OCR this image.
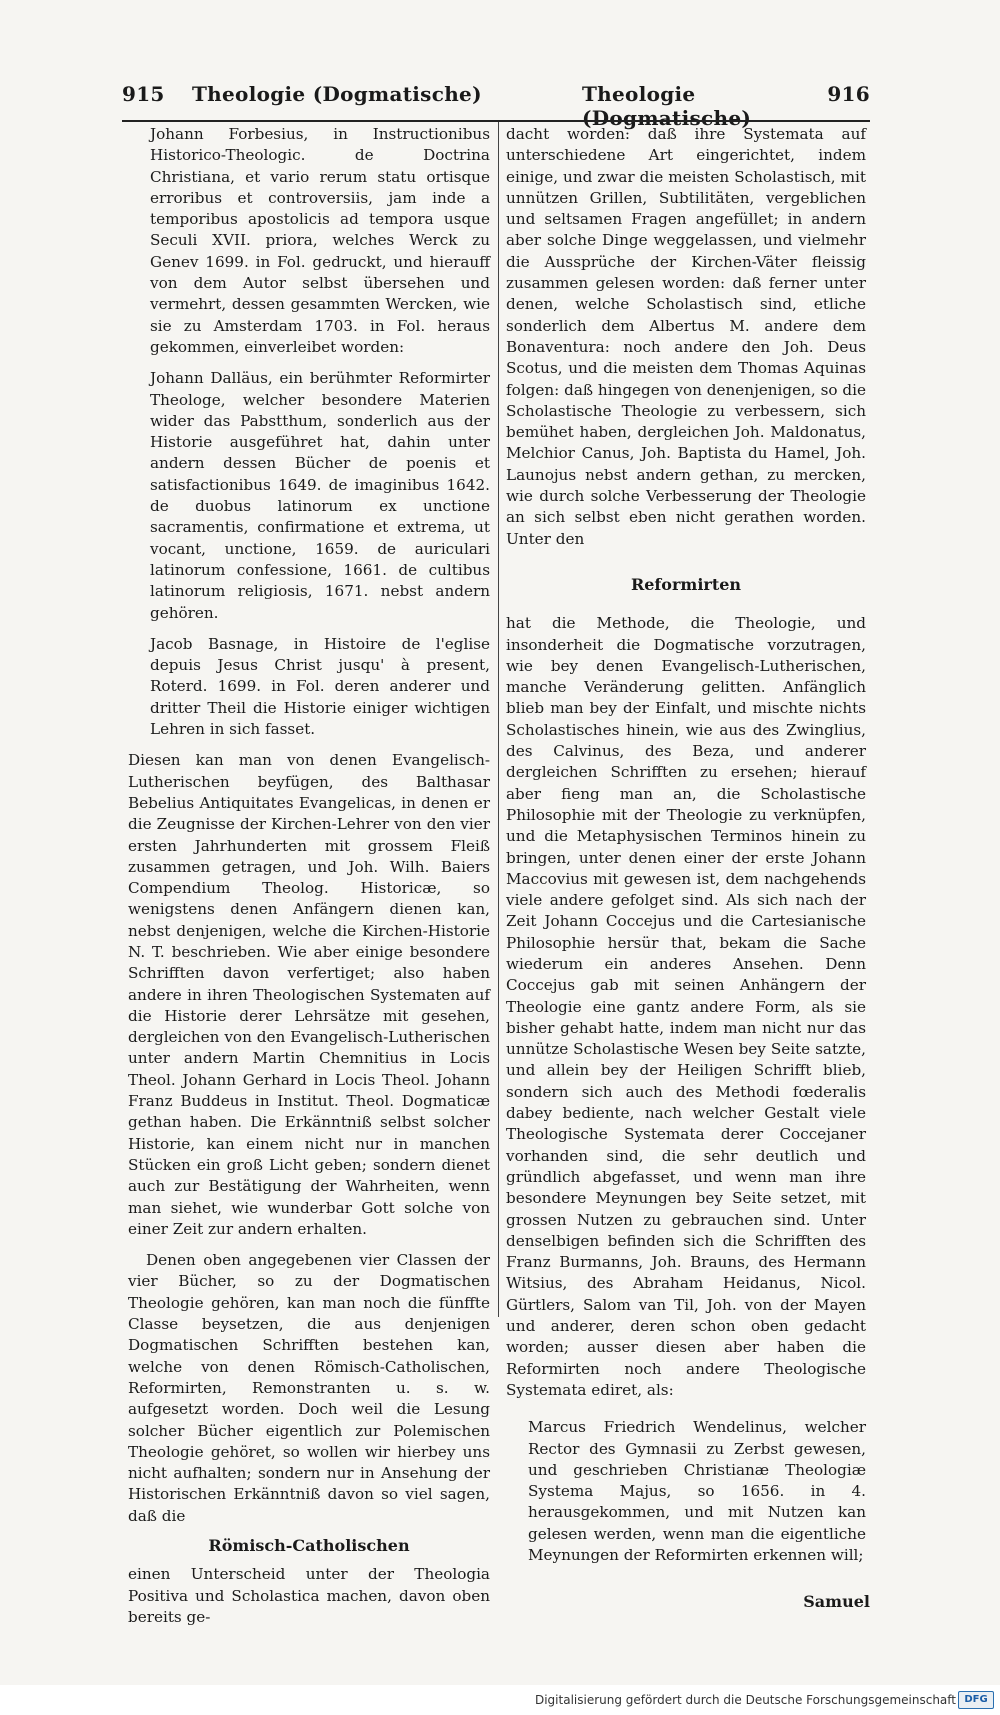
915 Theologie (Dogmatische)	Theologie (Dogmatische)
916

Johann Forbesius, in Instructionibus Historico-Theologic. de Doctrina Christiana, et vario rerum statu ortisque erroribus et controversiis, jam inde a temporibus apostolicis ad tempora usque Seculi XVII. priora, welches Werck zu Genev 1699. in Fol. gedruckt, und hierauff von dem Autor selbst übersehen und vermehrt, dessen gesammten Wercken, wie sie zu Amsterdam 1703. in Fol. heraus gekommen, einverleibet worden:

Johann Dalläus, ein berühmter Reformirter Theologe, welcher besondere Materien wider das Pabstthum, sonderlich aus der Historie ausgeführet hat, dahin unter andern dessen Bücher de poenis et satisfactionibus 1649. de imaginibus 1642. de duobus latinorum ex unctione sacramentis, confirmatione et extrema, ut vocant, unctione, 1659. de auriculari latinorum confessione, 1661. de cultibus latinorum religiosis, 1671. nebst andern gehören.

Jacob Basnage, in Histoire de l'eglise depuis Jesus Christ jusqu' à present, Roterd. 1699. in Fol. deren anderer und dritter Theil die Historie einiger wichtigen Lehren in sich fasset.

Diesen kan man von denen Evangelisch-Lutherischen beyfügen, des Balthasar Bebelius Antiquitates Evangelicas, in denen er die Zeugnisse der Kirchen-Lehrer von den vier ersten Jahrhunderten mit grossem Fleiß zusammen getragen, und Joh. Wilh. Baiers Compendium Theolog. Historicæ, so wenigstens denen Anfängern dienen kan, nebst denjenigen, welche die Kirchen-Historie N. T. beschrieben. Wie aber einige besondere Schrifften davon verfertiget; also haben andere in ihren Theologischen Systematen auf die Historie derer Lehrsätze mit gesehen, dergleichen von den Evangelisch-Lutherischen unter andern Martin Chemnitius in Locis Theol. Johann Gerhard in Locis Theol. Johann Franz Buddeus in Institut. Theol. Dogmaticæ gethan haben. Die Erkänntniß selbst solcher Historie, kan einem nicht nur in manchen Stücken ein groß Licht geben; sondern dienet auch zur Bestätigung der Wahrheiten, wenn man siehet, wie wunderbar Gott solche von einer Zeit zur andern erhalten.

Denen oben angegebenen vier Classen der vier Bücher, so zu der Dogmatischen Theologie gehören, kan man noch die fünffte Classe beysetzen, die aus denjenigen Dogmatischen Schrifften bestehen kan, welche von denen Römisch-Catholischen, Reformirten, Remonstranten u. s. w. aufgesetzt worden. Doch weil die Lesung solcher Bücher eigentlich zur Polemischen Theologie gehöret, so wollen wir hierbey uns nicht aufhalten; sondern nur in Ansehung der Historischen Erkänntniß davon so viel sagen, daß die

Römisch-Catholischen

einen Unterscheid unter der Theologia Positiva und Scholastica machen, davon oben bereits ge-

dacht worden: daß ihre Systemata auf unterschiedene Art eingerichtet, indem einige, und zwar die meisten Scholastisch, mit unnützen Grillen, Subtilitäten, vergeblichen und seltsamen Fragen angefüllet; in andern aber solche Dinge weggelassen, und vielmehr die Aussprüche der Kirchen-Väter fleissig zusammen gelesen worden: daß ferner unter denen, welche Scholastisch sind, etliche sonderlich dem Albertus M. andere dem Bonaventura: noch andere den Joh. Deus Scotus, und die meisten dem Thomas Aquinas folgen: daß hingegen von denenjenigen, so die Scholastische Theologie zu verbessern, sich bemühet haben, dergleichen Joh. Maldonatus, Melchior Canus, Joh. Baptista du Hamel, Joh. Launojus nebst andern gethan, zu mercken, wie durch solche Verbesserung der Theologie an sich selbst eben nicht gerathen worden. Unter den

Reformirten

hat die Methode, die Theologie, und insonderheit die Dogmatische vorzutragen, wie bey denen Evangelisch-Lutherischen, manche Veränderung gelitten. Anfänglich blieb man bey der Einfalt, und mischte nichts Scholastisches hinein, wie aus des Zwinglius, des Calvinus, des Beza, und anderer dergleichen Schrifften zu ersehen; hierauf aber fieng man an, die Scholastische Philosophie mit der Theologie zu verknüpfen, und die Metaphysischen Terminos hinein zu bringen, unter denen einer der erste Johann Maccovius mit gewesen ist, dem nachgehends viele andere gefolget sind. Als sich nach der Zeit Johann Coccejus und die Cartesianische Philosophie hersür that, bekam die Sache wiederum ein anderes Ansehen. Denn Coccejus gab mit seinen Anhängern der Theologie eine gantz andere Form, als sie bisher gehabt hatte, indem man nicht nur das unnütze Scholastische Wesen bey Seite satzte, und allein bey der Heiligen Schrifft blieb, sondern sich auch des Methodi fœderalis dabey bediente, nach welcher Gestalt viele Theologische Systemata derer Coccejaner vorhanden sind, die sehr deutlich und gründlich abgefasset, und wenn man ihre besondere Meynungen bey Seite setzet, mit grossen Nutzen zu gebrauchen sind. Unter denselbigen befinden sich die Schrifften des Franz Burmanns, Joh. Brauns, des Hermann Witsius, des Abraham Heidanus, Nicol. Gürtlers, Salom van Til, Joh. von der Mayen und anderer, deren schon oben gedacht worden; ausser diesen aber haben die Reformirten noch andere Theologische Systemata ediret, als:

Marcus Friedrich Wendelinus, welcher Rector des Gymnasii zu Zerbst gewesen, und geschrieben Christianæ Theologiæ Systema Majus, so 1656. in 4. herausgekommen, und mit Nutzen kan gelesen werden, wenn man die eigentliche Meynungen der Reformirten erkennen will;

Samuel
Digitalisierung gefördert durch die Deutsche Forschungsgemeinschaft DFG
